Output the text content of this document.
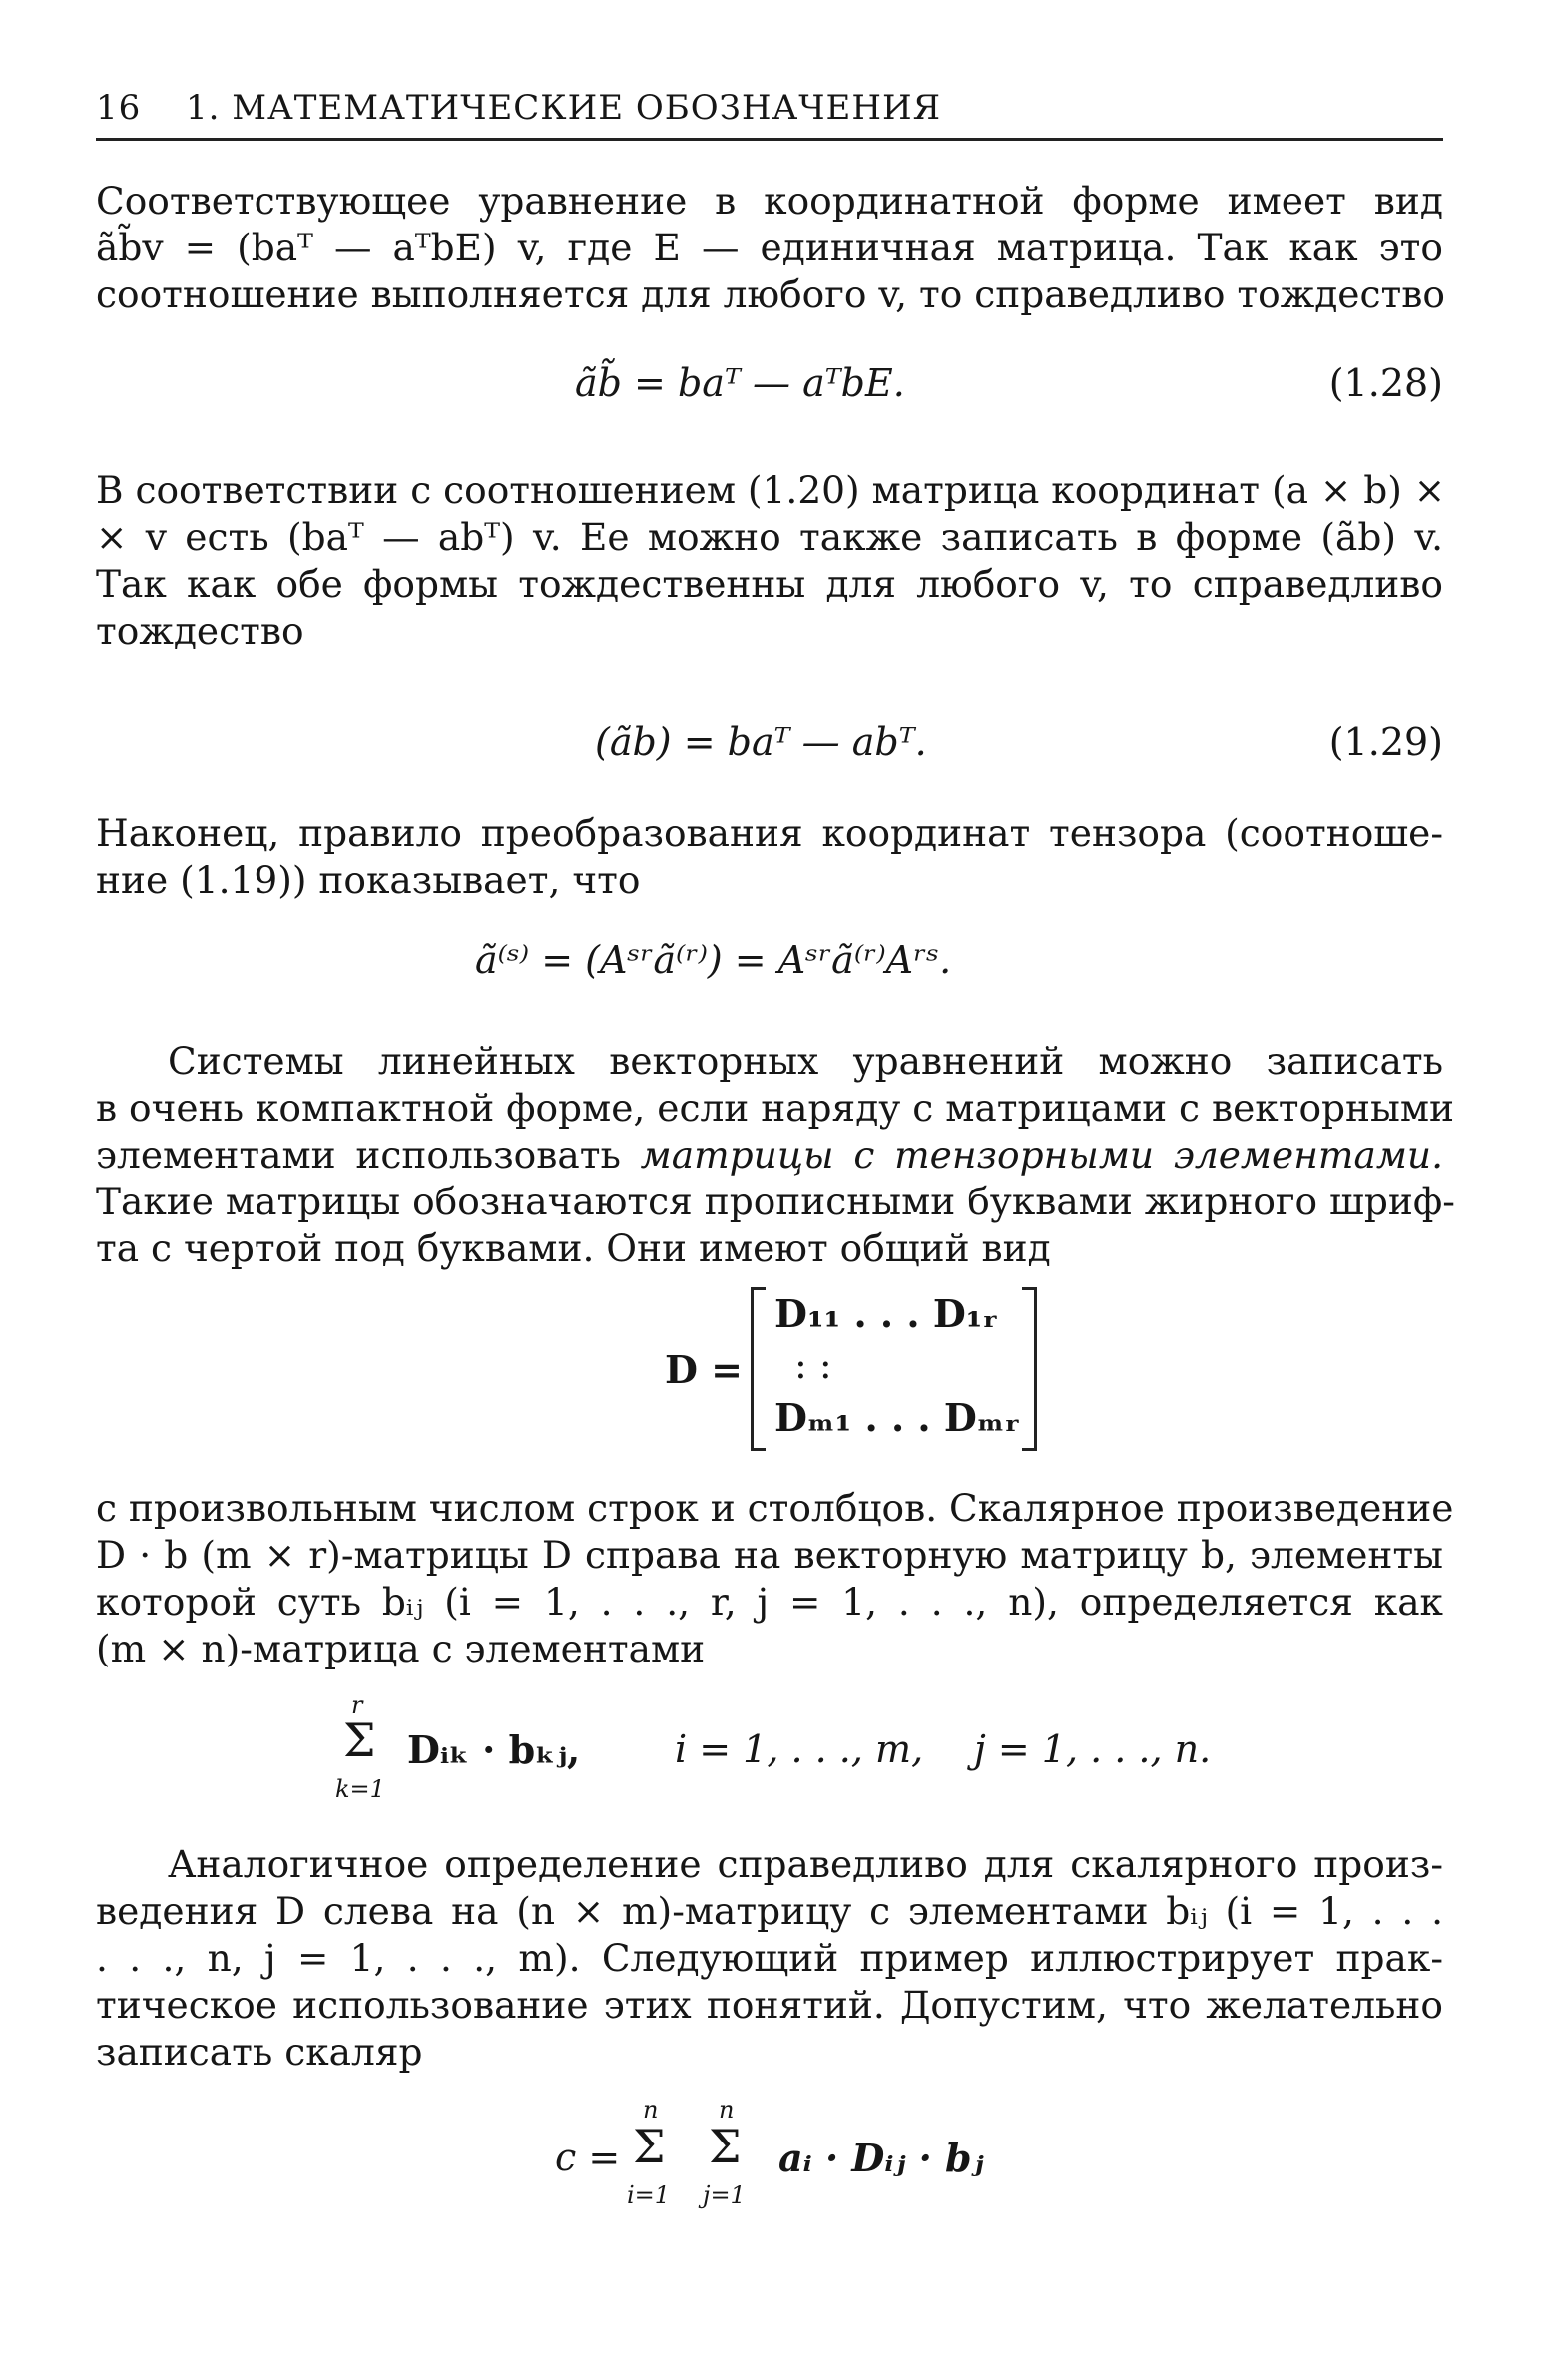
16 1. МАТЕМАТИЧЕСКИЕ ОБОЗНАЧЕНИЯ

Соответствующее уравнение в координатной форме имеет вид
ãb̃v = (baᵀ — aᵀbE) v, где E — единичная матрица. Так как это
соотношение выполняется для любого v, то справедливо тождество

ãb̃ = baᵀ — aᵀbE.	(1.28)

В соответствии с соотношением (1.20) матрица координат (a × b) ×
× v есть (baᵀ — abᵀ) v. Ее можно также записать в форме (ãb) v.
Так как обе формы тождественны для любого v, то справедливо
тождество

(ãb) = baᵀ — abᵀ.	(1.29)

Наконец, правило преобразования координат тензора (соотноше-
ние (1.19)) показывает, что

ã⁽ˢ⁾ = (Aˢʳã⁽ʳ⁾) = Aˢʳã⁽ʳ⁾Aʳˢ.

Системы линейных векторных уравнений можно записать
в очень компактной форме, если наряду с матрицами с векторными
элементами использовать матрицы с тензорными элементами.
Такие матрицы обозначаются прописными буквами жирного шриф-
та с чертой под буквами. Они имеют общий вид

D =
D₁₁ . . . D₁ᵣ
: :
Dₘ₁ . . . Dₘᵣ

с произвольным числом строк и столбцов. Скалярное произведение
D · b (m × r)-матрицы D справа на векторную матрицу b, элементы
которой суть bᵢⱼ (i = 1, . . ., r, j = 1, . . ., n), определяется как
(m × n)-матрица с элементами

r
Σ
k=1
Dᵢₖ · bₖⱼ, i = 1, . . ., m, j = 1, . . ., n.

Аналогичное определение справедливо для скалярного произ-
ведения D слева на (n × m)-матрицу с элементами bᵢⱼ (i = 1, . . .
. . ., n, j = 1, . . ., m). Следующий пример иллюстрирует прак-
тическое использование этих понятий. Допустим, что желательно
записать скаляр

c =
n
Σ
i=1
n
Σ
j=1
aᵢ · Dᵢⱼ · bⱼ
